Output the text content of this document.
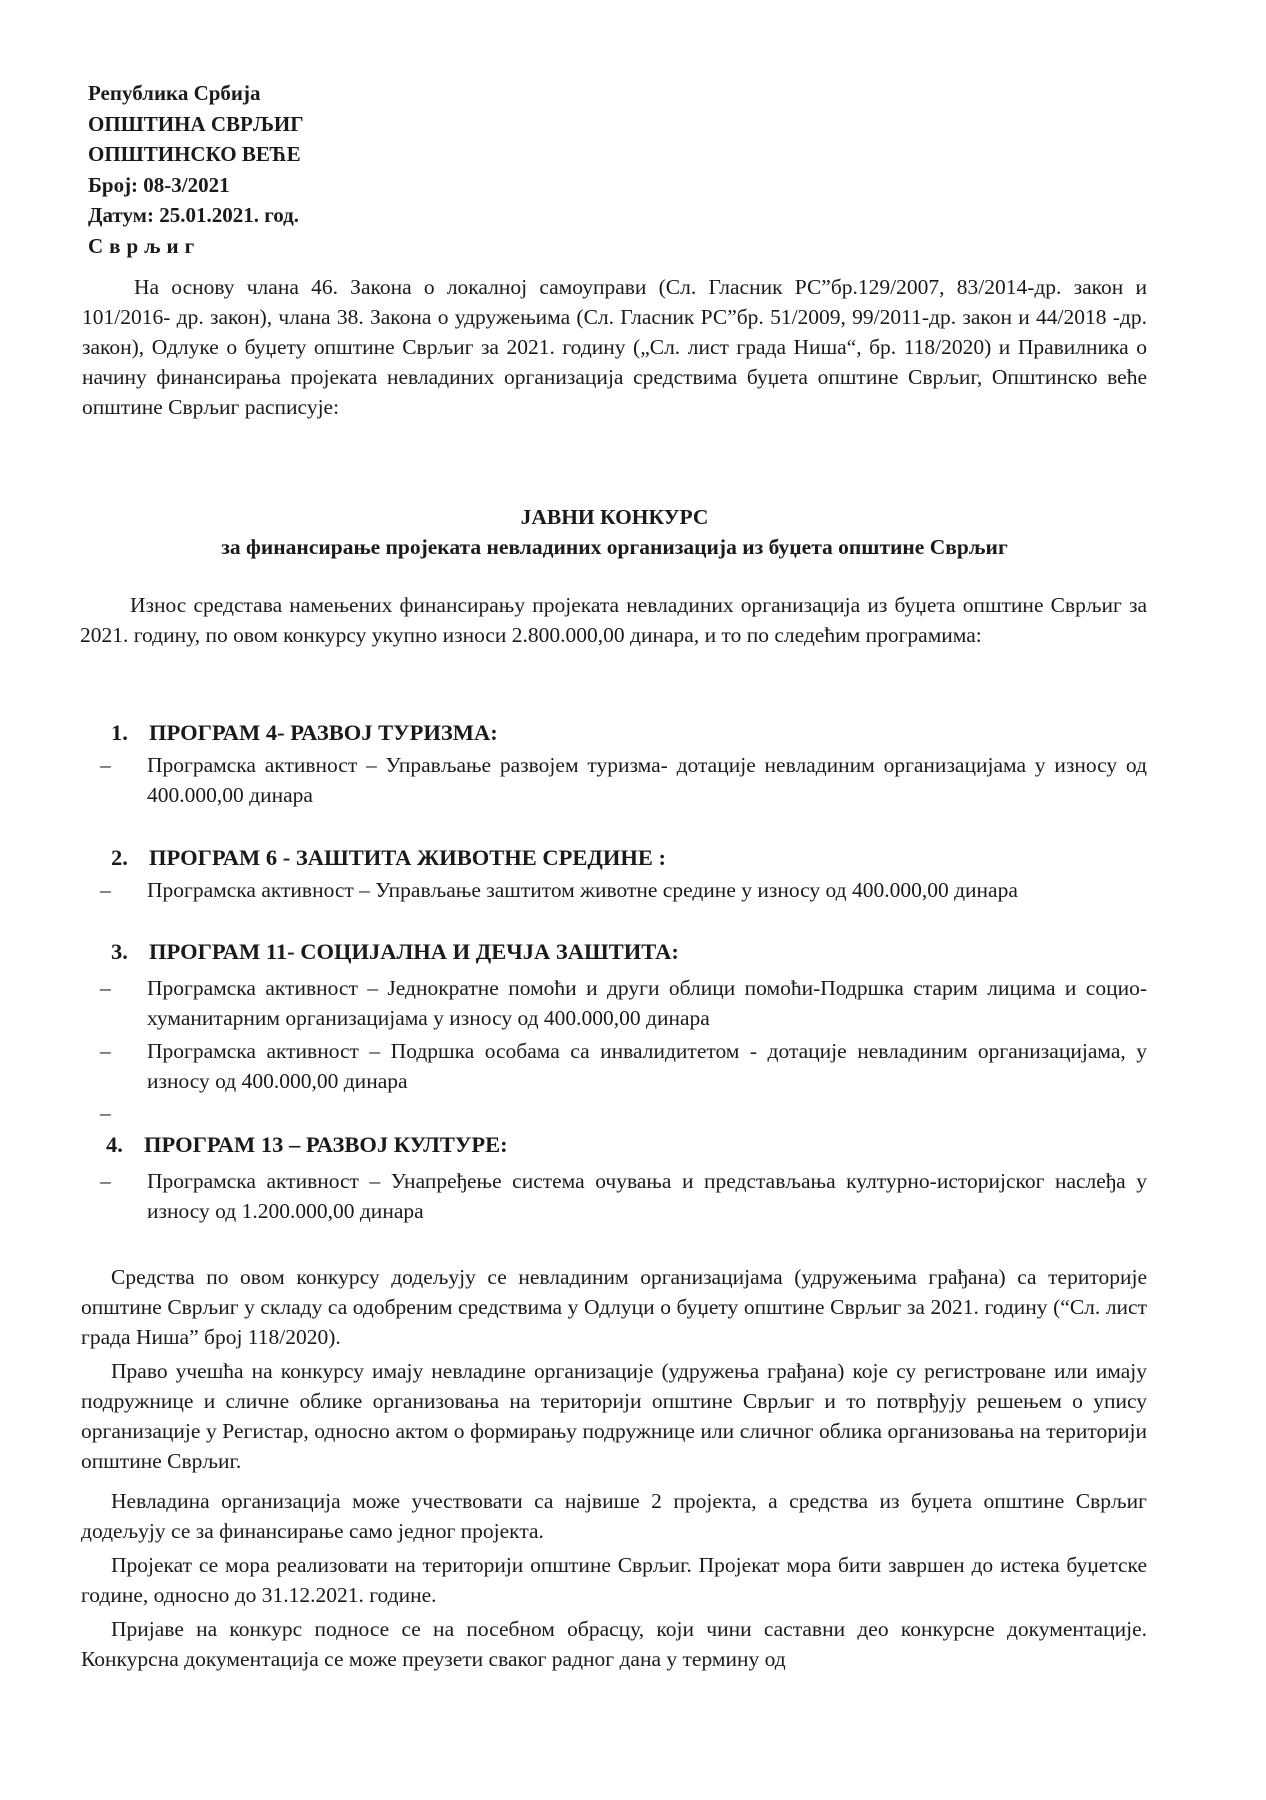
Република Србија
ОПШТИНА СВРЉИГ
ОПШТИНСКО ВЕЋЕ
Број: 08-3/2021
Датум: 25.01.2021. год.
Сврљиг

На основу члана 46. Закона о локалној самоуправи (Сл. Гласник РС”бр.129/2007, 83/2014-др. закон и 101/2016- др. закон), члана 38. Закона о удружењима (Сл. Гласник РС”бр. 51/2009, 99/2011-др. закон и 44/2018 -др. закон), Одлуке о буџету општине Сврљиг за 2021. годину („Сл. лист града Ниша“, бр. 118/2020) и Правилника о начину финансирања пројеката невладиних организација средствима буџета општине Сврљиг, Општинско веће општине Сврљиг расписује:

ЈАВНИ КОНКУРС
за финансирање пројеката невладиних организација из буџета општине Сврљиг

Износ средстава намењених финансирању пројеката невладиних организација из буџета општине Сврљиг за 2021. годину, по овом конкурсу укупно износи 2.800.000,00 динара, и то по следећим програмима:

1. ПРОГРАМ 4- РАЗВОЈ ТУРИЗМА:
– Програмска активност – Управљање развојем туризма- дотације невладиним организацијама у износу од 400.000,00 динара
2. ПРОГРАМ 6 - ЗАШТИТА ЖИВОТНЕ СРЕДИНЕ :
– Програмска активност – Управљање заштитом животне средине у износу од 400.000,00 динара
3. ПРОГРАМ 11- СОЦИЈАЛНА И ДЕЧЈА ЗАШТИТА:
– Програмска активност – Једнократне помоћи и други облици помоћи-Подршка старим лицима и социо-хуманитарним организацијама у износу од 400.000,00 динара
– Програмска активност – Подршка особама са инвалидитетом - дотације невладиним организацијама, у износу од 400.000,00 динара
–
4. ПРОГРАМ 13 – РАЗВОЈ КУЛТУРЕ:
– Програмска активност – Унапређење система очувања и представљања културно-историјског наслеђа у износу од 1.200.000,00 динара

Средства по овом конкурсу додељују се невладиним организацијама (удружењима грађана) са територије општине Сврљиг у складу са одобреним средствима у Одлуци о буџету општине Сврљиг за 2021. годину (“Сл. лист града Ниша” број 118/2020).

Право учешћа на конкурсу имају невладине организације (удружења грађана) које су регистроване или имају подружнице и сличне облике организовања на територији општине Сврљиг и то потврђују решењем о упису организације у Регистар, односно актом о формирању подружнице или сличног облика организовања на територији општине Сврљиг.

Невладина организација може учествовати са највише 2 пројекта, а средства из буџета општине Сврљиг додељују се за финансирање само једног пројекта.

Пројекат се мора реализовати на територији општине Сврљиг. Пројекат мора бити завршен до истека буџетске године, односно до 31.12.2021. године.

Пријаве на конкурс подносе се на посебном обрасцу, који чини саставни део конкурсне документације. Конкурсна документација се може преузети сваког радног дана у термину од
